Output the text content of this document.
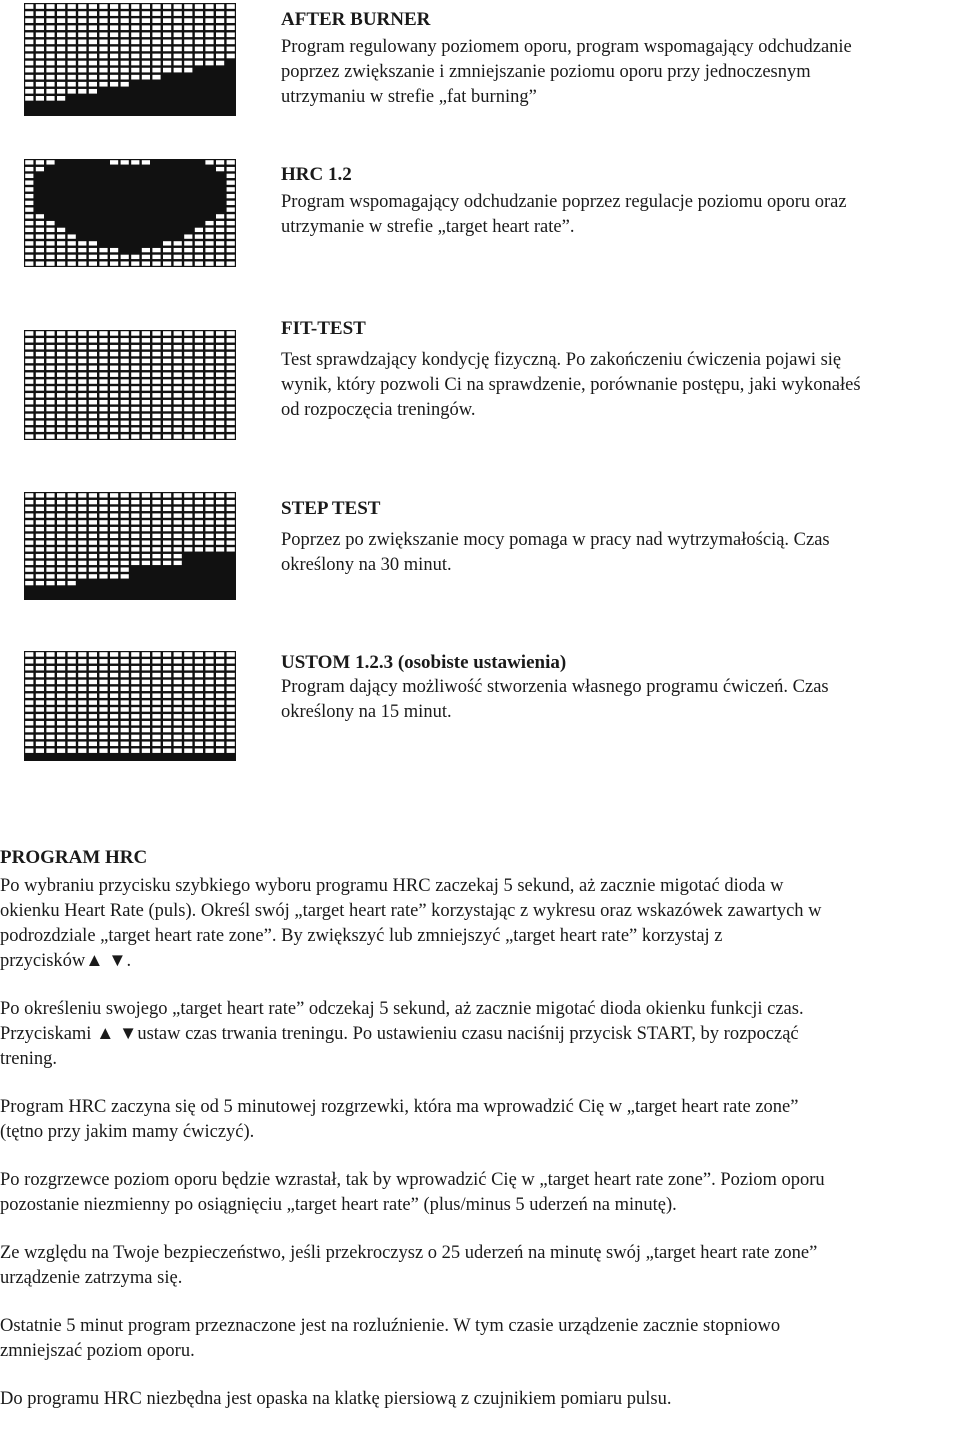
AFTER BURNER
Program regulowany poziomem oporu, program wspomagający odchudzanie
poprzez zwiększanie i zmniejszanie poziomu oporu przy jednoczesnym
utrzymaniu w strefie „fat burning”
HRC 1.2
Program wspomagający odchudzanie poprzez regulacje poziomu oporu oraz
utrzymanie w strefie „target heart rate”.
FIT-TEST
Test sprawdzający kondycję fizyczną. Po zakończeniu ćwiczenia pojawi się
wynik, który pozwoli Ci na sprawdzenie, porównanie postępu, jaki wykonałeś
od rozpoczęcia treningów.
STEP TEST
Poprzez po zwiększanie mocy pomaga w pracy nad wytrzymałością. Czas
określony na 30 minut.
USTOM 1.2.3 (osobiste ustawienia)
Program dający możliwość stworzenia własnego programu ćwiczeń. Czas
określony na 15 minut.
PROGRAM HRC

Po wybraniu przycisku szybkiego wyboru programu HRC zaczekaj 5 sekund, aż zacznie migotać dioda w
okienku Heart Rate (puls). Określ swój „target heart rate” korzystając z wykresu oraz wskazówek zawartych w
podrozdziale „target heart rate zone”. By zwiększyć lub zmniejszyć „target heart rate” korzystaj z
przycisków▲ ▼.

Po określeniu swojego „target heart rate” odczekaj 5 sekund, aż zacznie migotać dioda okienku funkcji czas.
Przyciskami ▲ ▼ustaw czas trwania treningu. Po ustawieniu czasu naciśnij przycisk START, by rozpocząć
trening.

Program HRC zaczyna się od 5 minutowej rozgrzewki, która ma wprowadzić Cię w „target heart rate zone”
(tętno przy jakim mamy ćwiczyć).

Po rozgrzewce poziom oporu będzie wzrastał, tak by wprowadzić Cię w „target heart rate zone”. Poziom oporu
pozostanie niezmienny po osiągnięciu „target heart rate” (plus/minus 5 uderzeń na minutę).

Ze względu na Twoje bezpieczeństwo, jeśli przekroczysz o 25 uderzeń na minutę swój „target heart rate zone”
urządzenie zatrzyma się.

Ostatnie 5 minut program przeznaczone jest na rozluźnienie. W tym czasie urządzenie zacznie stopniowo
zmniejszać poziom oporu.

Do programu HRC niezbędna jest opaska na klatkę piersiową z czujnikiem pomiaru pulsu.
